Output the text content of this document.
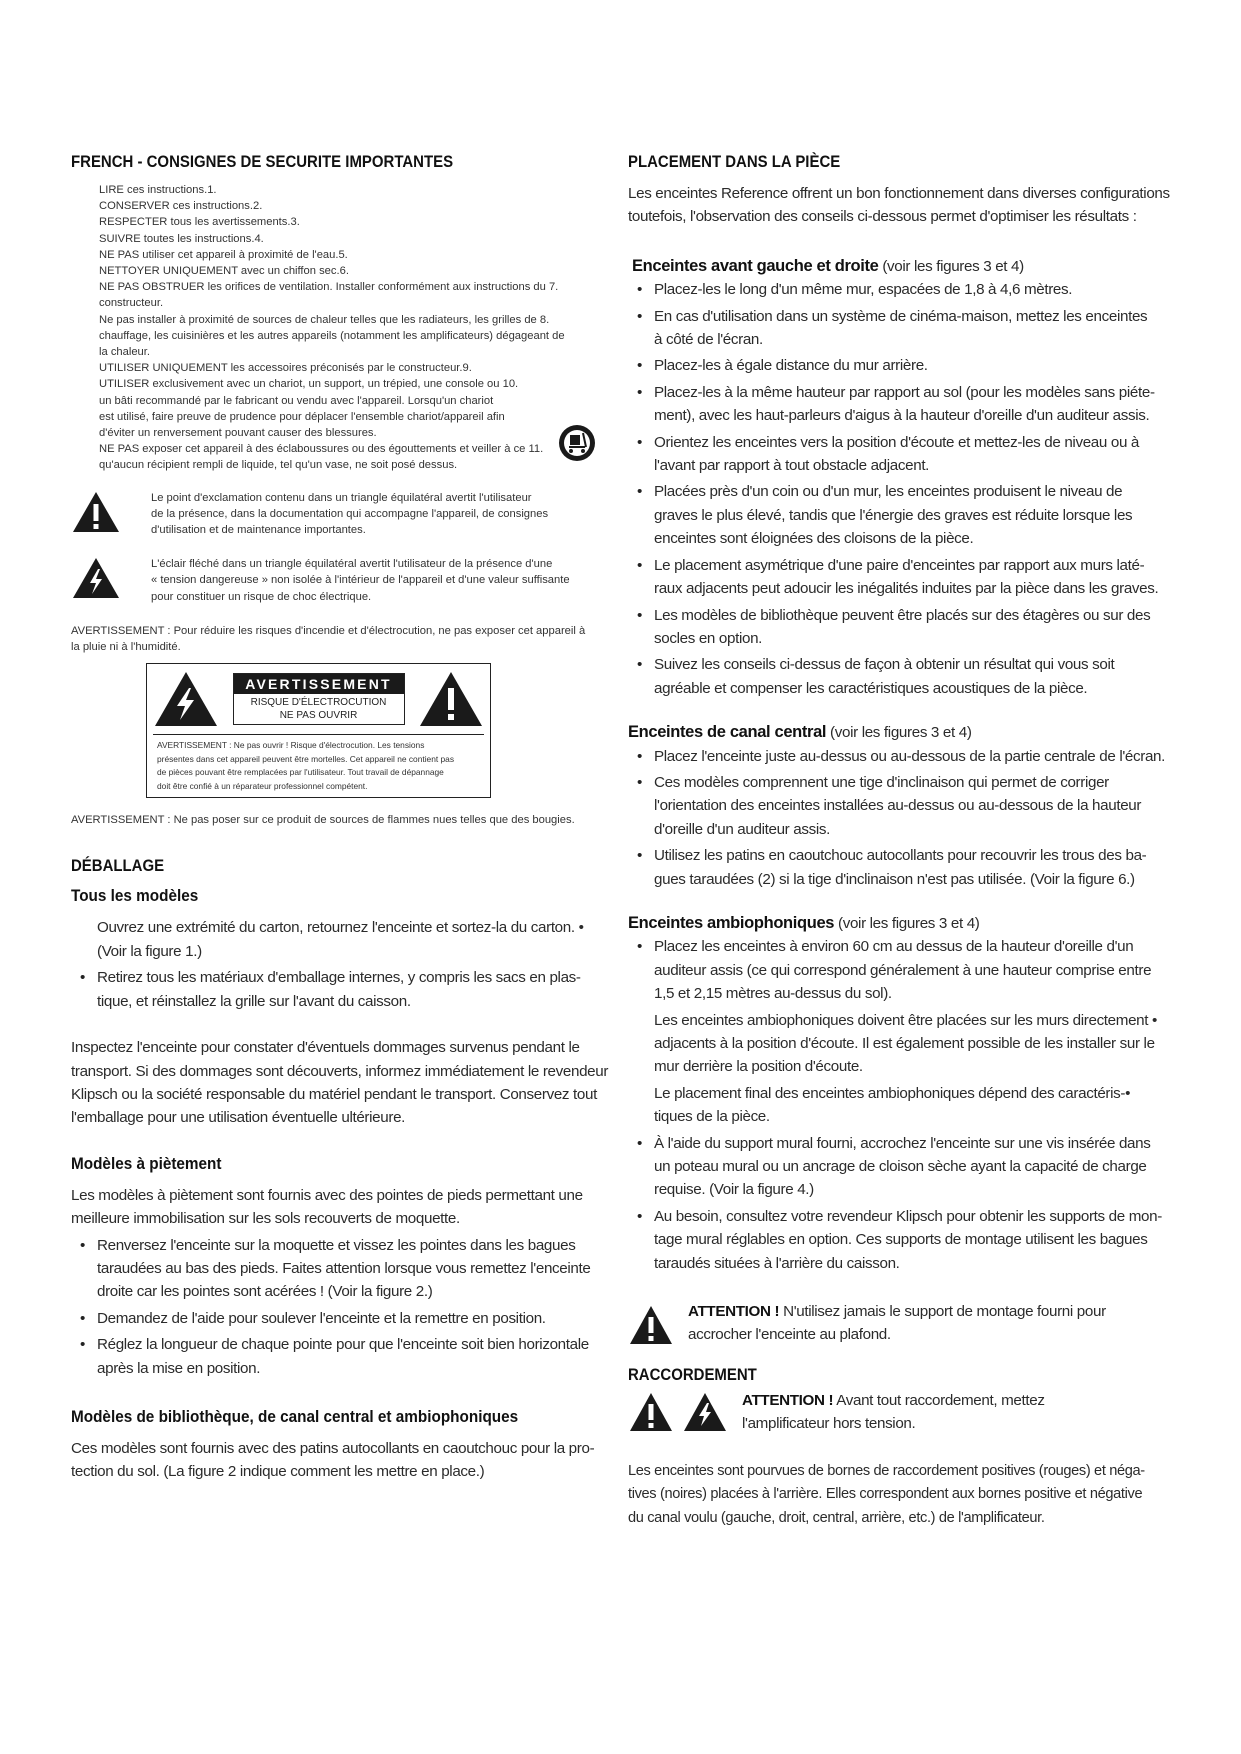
FRENCH - CONSIGNES DE SECURITE IMPORTANTES
LIRE ces instructions.1.
CONSERVER ces instructions.2.
RESPECTER tous les avertissements.3.
SUIVRE toutes les instructions.4.
NE PAS utiliser cet appareil à proximité de l'eau.5.
NETTOYER UNIQUEMENT avec un chiffon sec.6.
NE PAS OBSTRUER les orifices de ventilation. Installer conformément aux instructions du 7.
constructeur.
Ne pas installer à proximité de sources de chaleur telles que les radiateurs, les grilles de 8.
chauffage, les cuisinières et les autres appareils (notamment les amplificateurs) dégageant de
la chaleur.
UTILISER UNIQUEMENT les accessoires préconisés par le constructeur.9.
UTILISER exclusivement avec un chariot, un support, un trépied, une console ou 10.
un bâti recommandé par le fabricant ou vendu avec l'appareil. Lorsqu'un chariot
est utilisé, faire preuve de prudence pour déplacer l'ensemble chariot/appareil afin
d'éviter un renversement pouvant causer des blessures.
NE PAS exposer cet appareil à des éclaboussures ou des égouttements et veiller à ce 11.
qu'aucun récipient rempli de liquide, tel qu'un vase, ne soit posé dessus.
Le point d'exclamation contenu dans un triangle équilatéral avertit l'utilisateur
de la présence, dans la documentation qui accompagne l'appareil, de consignes
d'utilisation et de maintenance importantes.
L'éclair fléché dans un triangle équilatéral avertit l'utilisateur de la présence d'une
« tension dangereuse » non isolée à l'intérieur de l'appareil et d'une valeur suffisante
pour constituer un risque de choc électrique.
AVERTISSEMENT : Pour réduire les risques d'incendie et d'électrocution, ne pas exposer cet appareil à
la pluie ni à l'humidité.
AVERTISSEMENT
RISQUE D'ÉLECTROCUTION
NE PAS OUVRIR
AVERTISSEMENT : Ne pas ouvrir ! Risque d'électrocution. Les tensions
présentes dans cet appareil peuvent être mortelles. Cet appareil ne contient pas
de pièces pouvant être remplacées par l'utilisateur. Tout travail de dépannage
doit être confié à un réparateur professionnel compétent.
AVERTISSEMENT : Ne pas poser sur ce produit de sources de flammes nues telles que des bougies.
DÉBALLAGE
Tous les modèles
Ouvrez une extrémité du carton, retournez l'enceinte et sortez-la du carton. •
(Voir la figure 1.)
• Retirez tous les matériaux d'emballage internes, y compris les sacs en plas-
tique, et réinstallez la grille sur l'avant du caisson.
Inspectez l'enceinte pour constater d'éventuels dommages survenus pendant le
transport. Si des dommages sont découverts, informez immédiatement le revendeur
Klipsch ou la société responsable du matériel pendant le transport. Conservez tout
l'emballage pour une utilisation éventuelle ultérieure.
Modèles à piètement
Les modèles à piètement sont fournis avec des pointes de pieds permettant une
meilleure immobilisation sur les sols recouverts de moquette.
• Renversez l'enceinte sur la moquette et vissez les pointes dans les bagues
taraudées au bas des pieds. Faites attention lorsque vous remettez l'enceinte
droite car les pointes sont acérées ! (Voir la figure 2.)
• Demandez de l'aide pour soulever l'enceinte et la remettre en position.
• Réglez la longueur de chaque pointe pour que l'enceinte soit bien horizontale
après la mise en position.
Modèles de bibliothèque, de canal central et ambiophoniques
Ces modèles sont fournis avec des patins autocollants en caoutchouc pour la pro-
tection du sol. (La figure 2 indique comment les mettre en place.)
PLACEMENT DANS LA PIÈCE
Les enceintes Reference offrent un bon fonctionnement dans diverses configurations
toutefois, l'observation des conseils ci-dessous permet d'optimiser les résultats :
Enceintes avant gauche et droite (voir les figures 3 et 4)
• Placez-les le long d'un même mur, espacées de 1,8 à 4,6 mètres.
• En cas d'utilisation dans un système de cinéma-maison, mettez les enceintes
à côté de l'écran.
• Placez-les à égale distance du mur arrière.
• Placez-les à la même hauteur par rapport au sol (pour les modèles sans piéte-
ment), avec les haut-parleurs d'aigus à la hauteur d'oreille d'un auditeur assis.
• Orientez les enceintes vers la position d'écoute et mettez-les de niveau ou à
l'avant par rapport à tout obstacle adjacent.
• Placées près d'un coin ou d'un mur, les enceintes produisent le niveau de
graves le plus élevé, tandis que l'énergie des graves est réduite lorsque les
enceintes sont éloignées des cloisons de la pièce.
• Le placement asymétrique d'une paire d'enceintes par rapport aux murs laté-
raux adjacents peut adoucir les inégalités induites par la pièce dans les graves.
• Les modèles de bibliothèque peuvent être placés sur des étagères ou sur des
socles en option.
• Suivez les conseils ci-dessus de façon à obtenir un résultat qui vous soit
agréable et compenser les caractéristiques acoustiques de la pièce.
Enceintes de canal central (voir les figures 3 et 4)
• Placez l'enceinte juste au-dessus ou au-dessous de la partie centrale de l'écran.
• Ces modèles comprennent une tige d'inclinaison qui permet de corriger
l'orientation des enceintes installées au-dessus ou au-dessous de la hauteur
d'oreille d'un auditeur assis.
• Utilisez les patins en caoutchouc autocollants pour recouvrir les trous des ba-
gues taraudées (2) si la tige d'inclinaison n'est pas utilisée. (Voir la figure 6.)
Enceintes ambiophoniques (voir les figures 3 et 4)
• Placez les enceintes à environ 60 cm au dessus de la hauteur d'oreille d'un
auditeur assis (ce qui correspond généralement à une hauteur comprise entre
1,5 et 2,15 mètres au-dessus du sol).
Les enceintes ambiophoniques doivent être placées sur les murs directement •
adjacents à la position d'écoute. Il est également possible de les installer sur le
mur derrière la position d'écoute.
Le placement final des enceintes ambiophoniques dépend des caractéris-•
tiques de la pièce.
• À l'aide du support mural fourni, accrochez l'enceinte sur une vis insérée dans
un poteau mural ou un ancrage de cloison sèche ayant la capacité de charge
requise. (Voir la figure 4.)
• Au besoin, consultez votre revendeur Klipsch pour obtenir les supports de mon-
tage mural réglables en option. Ces supports de montage utilisent les bagues
taraudés situées à l'arrière du caisson.
ATTENTION ! N'utilisez jamais le support de montage fourni pour
accrocher l'enceinte au plafond.
RACCORDEMENT
ATTENTION ! Avant tout raccordement, mettez
l'amplificateur hors tension.
Les enceintes sont pourvues de bornes de raccordement positives (rouges) et néga-
tives (noires) placées à l'arrière. Elles correspondent aux bornes positive et négative
du canal voulu (gauche, droit, central, arrière, etc.) de l'amplificateur.
